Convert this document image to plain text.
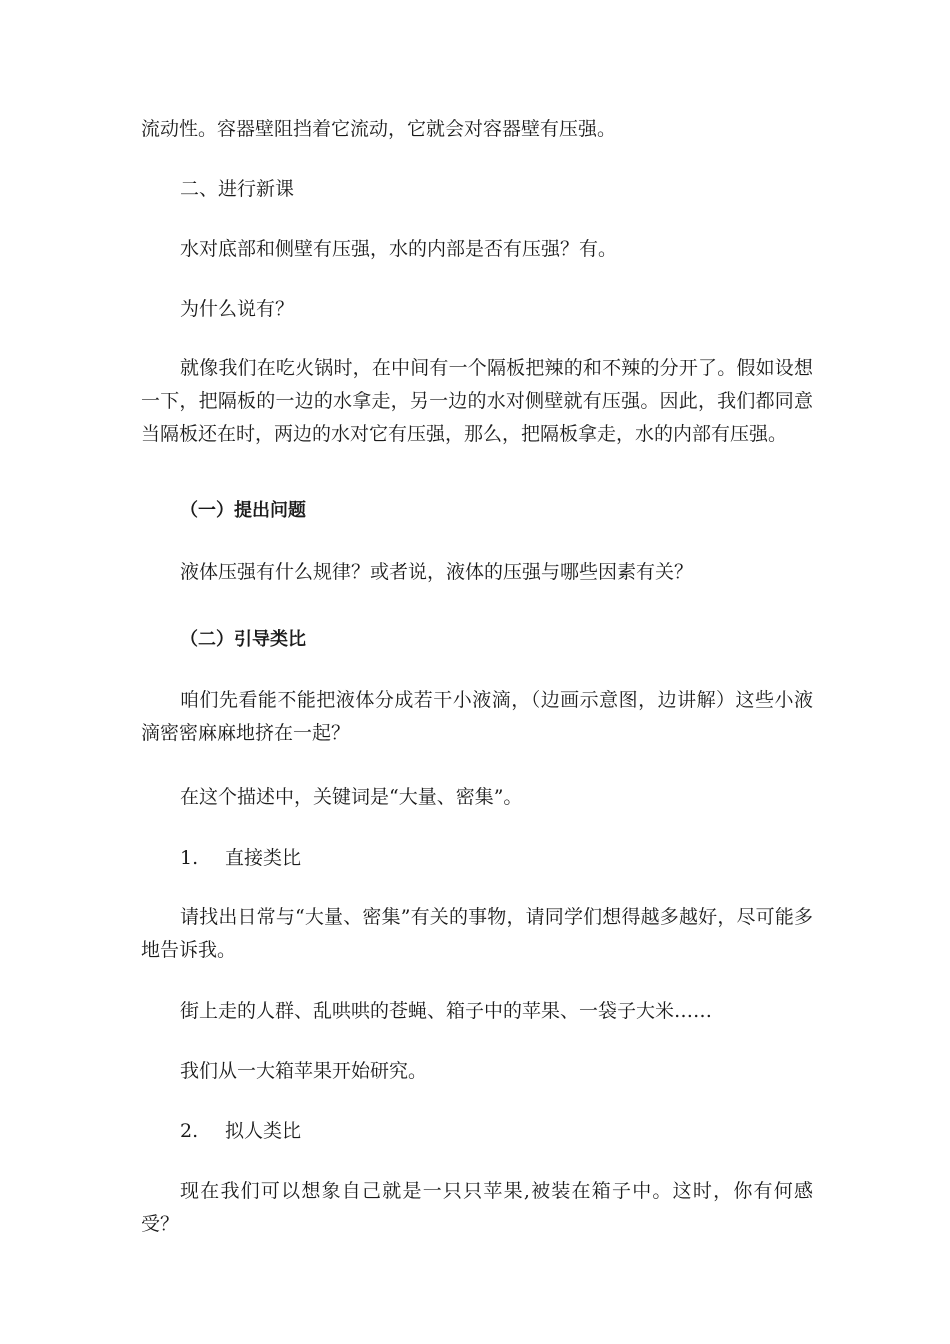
流动性。容器壁阻挡着它流动，它就会对容器壁有压强。

二、进行新课

水对底部和侧壁有压强，水的内部是否有压强？有。

为什么说有？

就像我们在吃火锅时，在中间有一个隔板把辣的和不辣的分开了。假如设想一下，把隔板的一边的水拿走，另一边的水对侧壁就有压强。因此，我们都同意当隔板还在时，两边的水对它有压强，那么，把隔板拿走，水的内部有压强。

（一）提出问题

液体压强有什么规律？或者说，液体的压强与哪些因素有关？

（二）引导类比

咱们先看能不能把液体分成若干小液滴，（边画示意图，边讲解）这些小液滴密密麻麻地挤在一起？

在这个描述中，关键词是“大量、密集”。

1. 直接类比

请找出日常与“大量、密集”有关的事物，请同学们想得越多越好，尽可能多地告诉我。

街上走的人群、乱哄哄的苍蝇、箱子中的苹果、一袋子大米……

我们从一大箱苹果开始研究。

2. 拟人类比

现在我们可以想象自己就是一只只苹果,被装在箱子中。这时，你有何感受？
